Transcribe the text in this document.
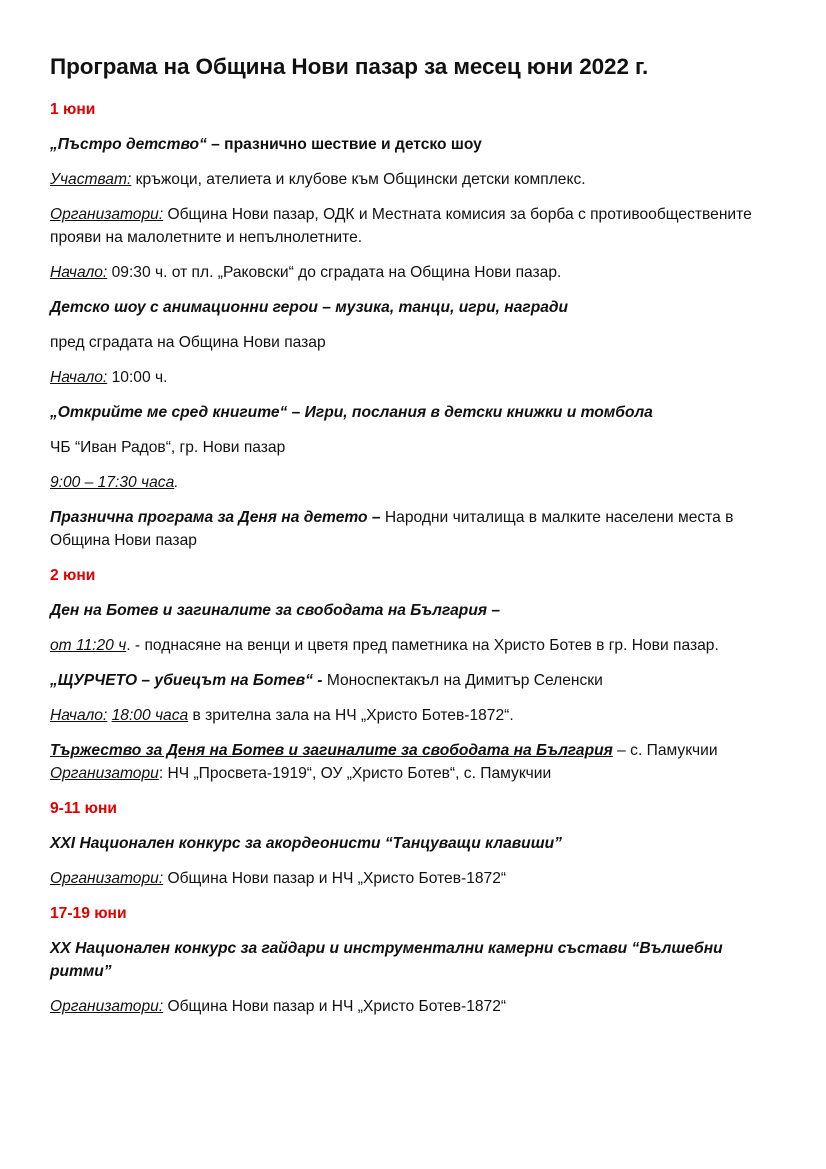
Програма на Община Нови пазар за месец юни 2022 г.

1 юни

„Пъстро детство“ – празнично шествие и детско шоу

Участват: кръжоци, ателиета и клубове към Общински детски комплекс.

Организатори: Община Нови пазар, ОДК и Местната комисия за борба с противообществените прояви на малолетните и непълнолетните.

Начало: 09:30 ч. от пл. „Раковски“ до сградата на Община Нови пазар.

Детско шоу с анимационни герои – музика, танци, игри, награди

пред сградата на Община Нови пазар

Начало: 10:00 ч.

„Открийте ме сред книгите“ – Игри, послания в детски книжки и томбола

ЧБ “Иван Радов“, гр. Нови пазар

9:00 – 17:30 часа.

Празнична програма за Деня на детето – Народни читалища в малките населени места в Община Нови пазар

2 юни

Ден на Ботев и загиналите за свободата на България –

от 11:20 ч. - поднасяне на венци и цветя пред паметника на Христо Ботев в гр. Нови пазар.

„ЩУРЧЕТО – убиецът на Ботев“ - Моноспектакъл на Димитър Селенски

Начало: 18:00 часа в зрителна зала на НЧ „Христо Ботев-1872“.

Тържество за Деня на Ботев и загиналите за свободата на България – с. Памукчии Организатори: НЧ „Просвета-1919“, ОУ „Христо Ботев“, с. Памукчии

9-11 юни

XXI Национален конкурс за акордеонисти “Танцуващи клавиши”

Организатори: Община Нови пазар и НЧ „Христо Ботев-1872“

17-19 юни

XX Национален конкурс за гайдари и инструментални камерни състави “Вълшебни ритми”

Организатори: Община Нови пазар и НЧ „Христо Ботев-1872“
